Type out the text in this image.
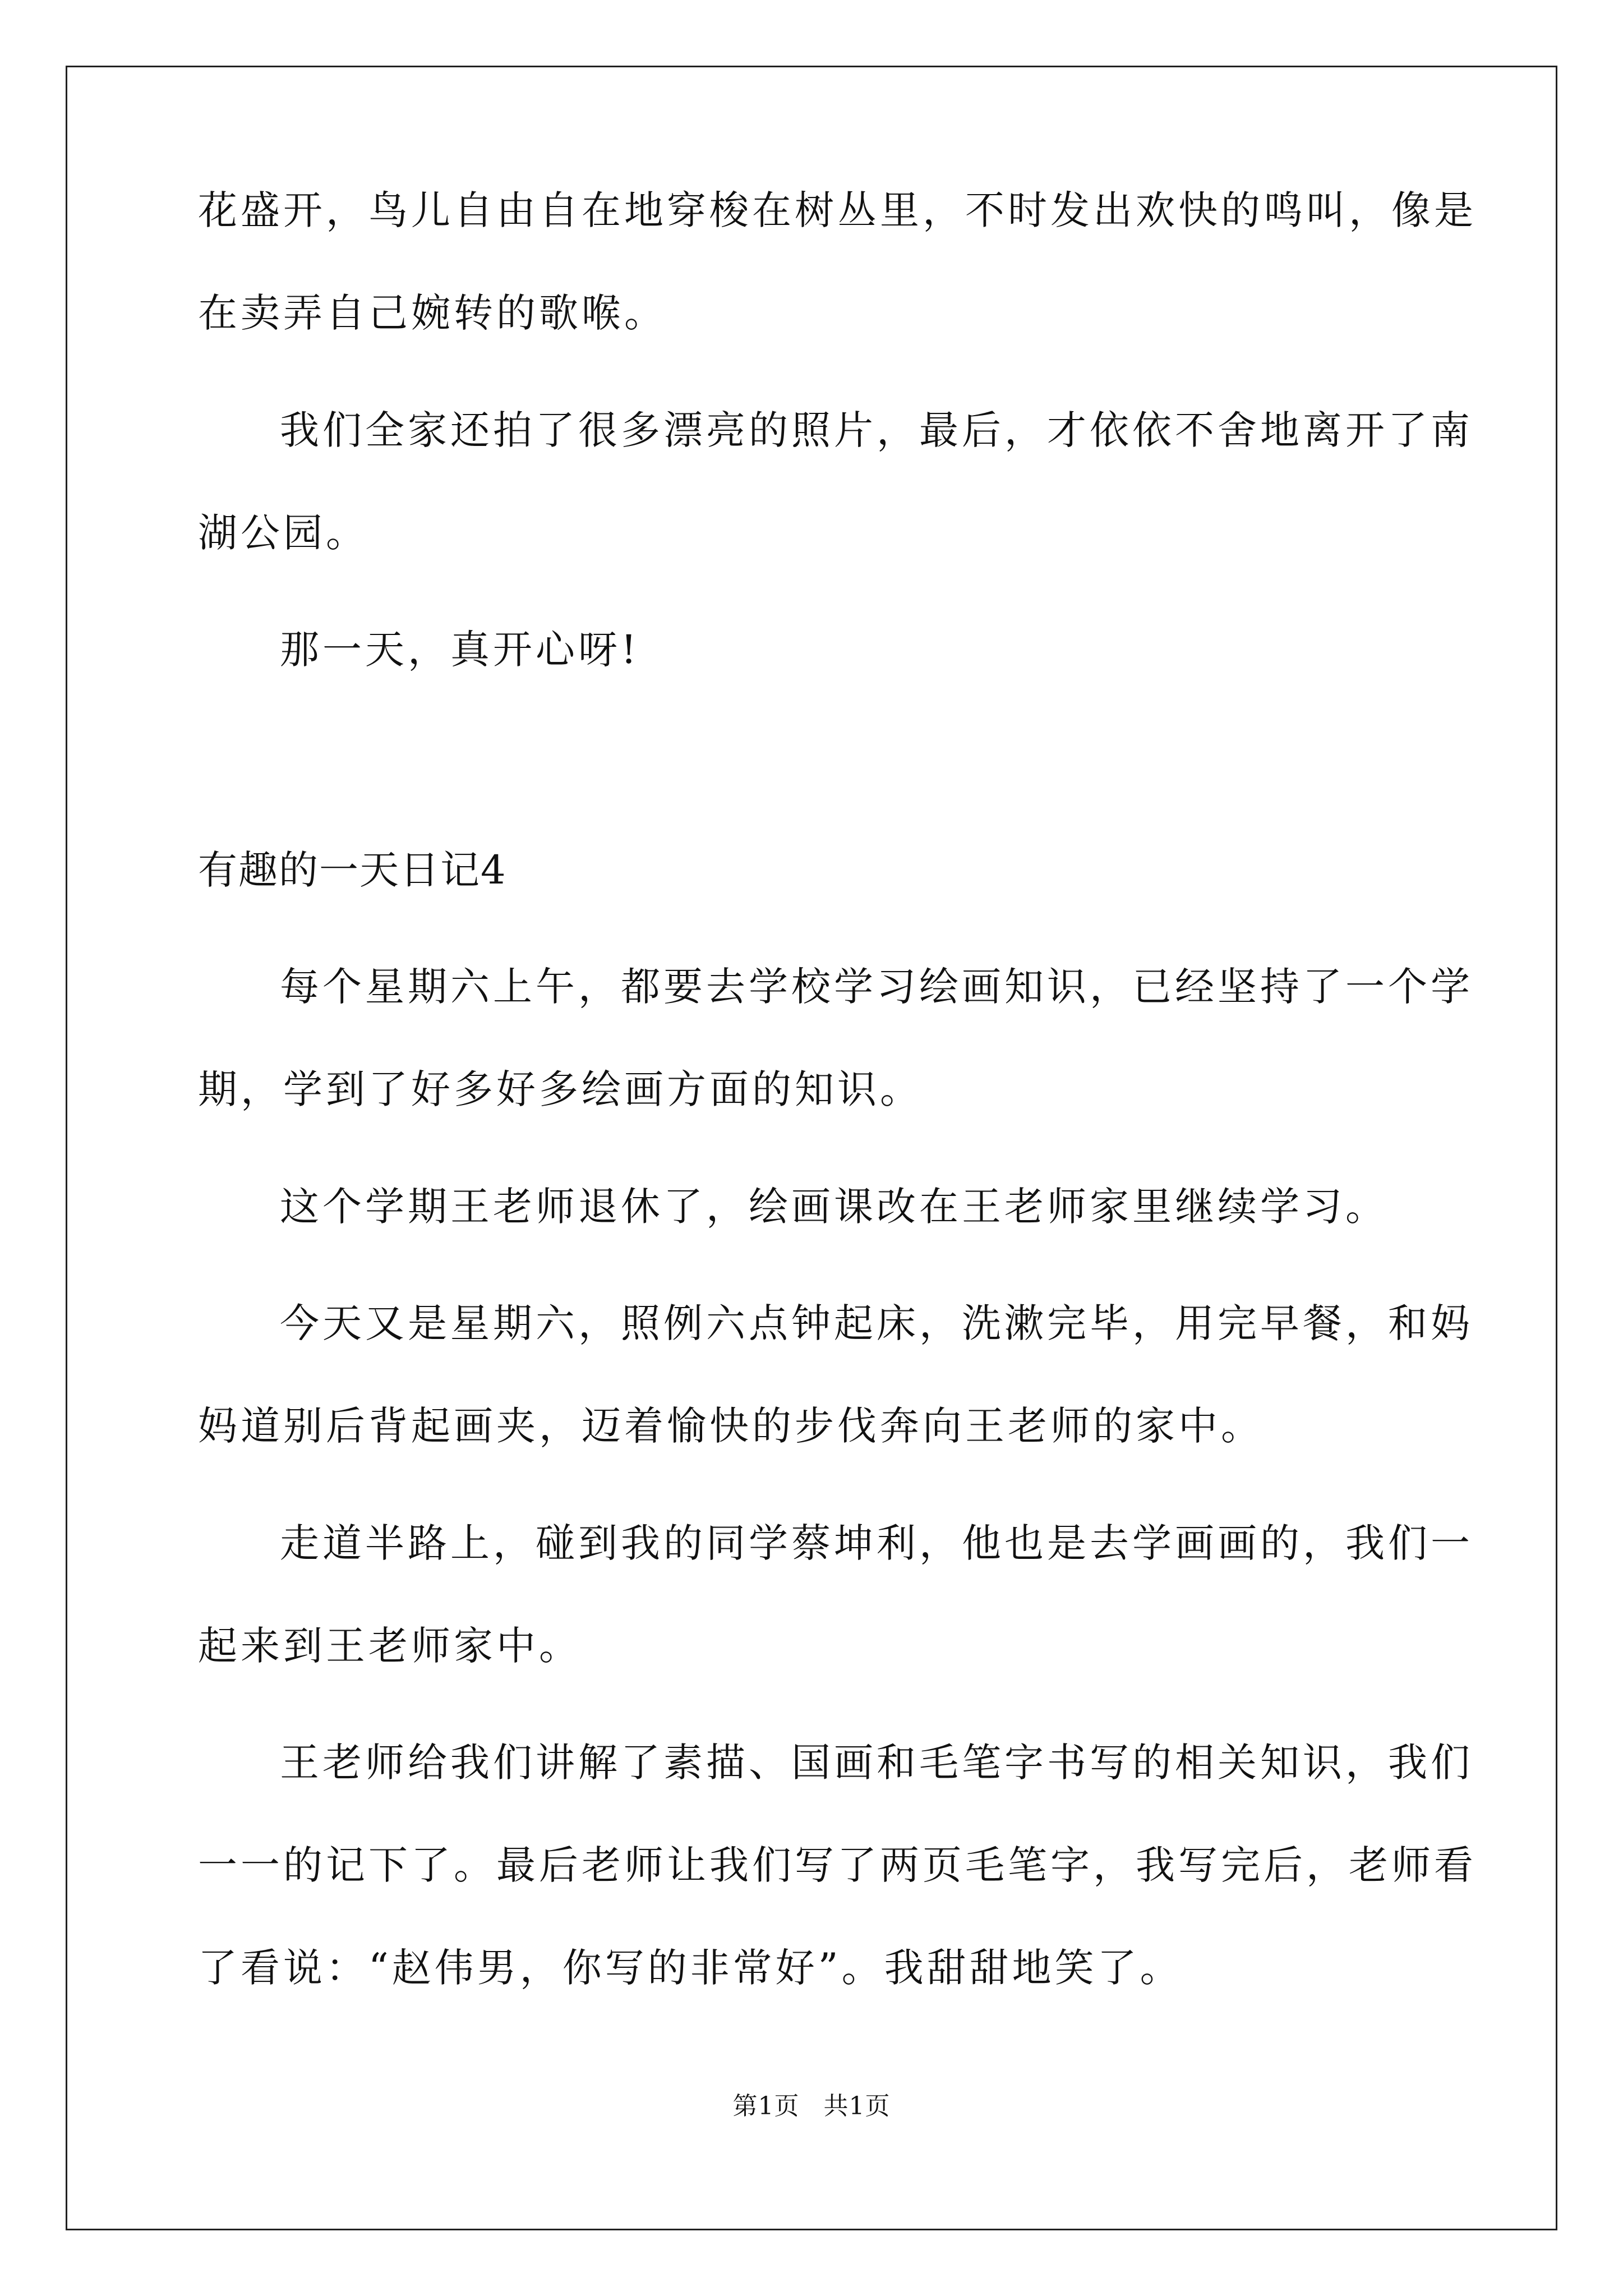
花盛开，鸟儿自由自在地穿梭在树丛里，不时发出欢快的鸣叫，像是
在卖弄自己婉转的歌喉。
我们全家还拍了很多漂亮的照片，最后，才依依不舍地离开了南
湖公园。
那一天，真开心呀!
有趣的一天日记4
每个星期六上午，都要去学校学习绘画知识，已经坚持了一个学
期，学到了好多好多绘画方面的知识。
这个学期王老师退休了，绘画课改在王老师家里继续学习。
今天又是星期六，照例六点钟起床，洗漱完毕，用完早餐，和妈
妈道别后背起画夹，迈着愉快的步伐奔向王老师的家中。
走道半路上，碰到我的同学蔡坤利，他也是去学画画的，我们一
起来到王老师家中。
王老师给我们讲解了素描、国画和毛笔字书写的相关知识，我们
一一的记下了。最后老师让我们写了两页毛笔字，我写完后，老师看
了看说：“赵伟男，你写的非常好”。我甜甜地笑了。
第1页 共1页
